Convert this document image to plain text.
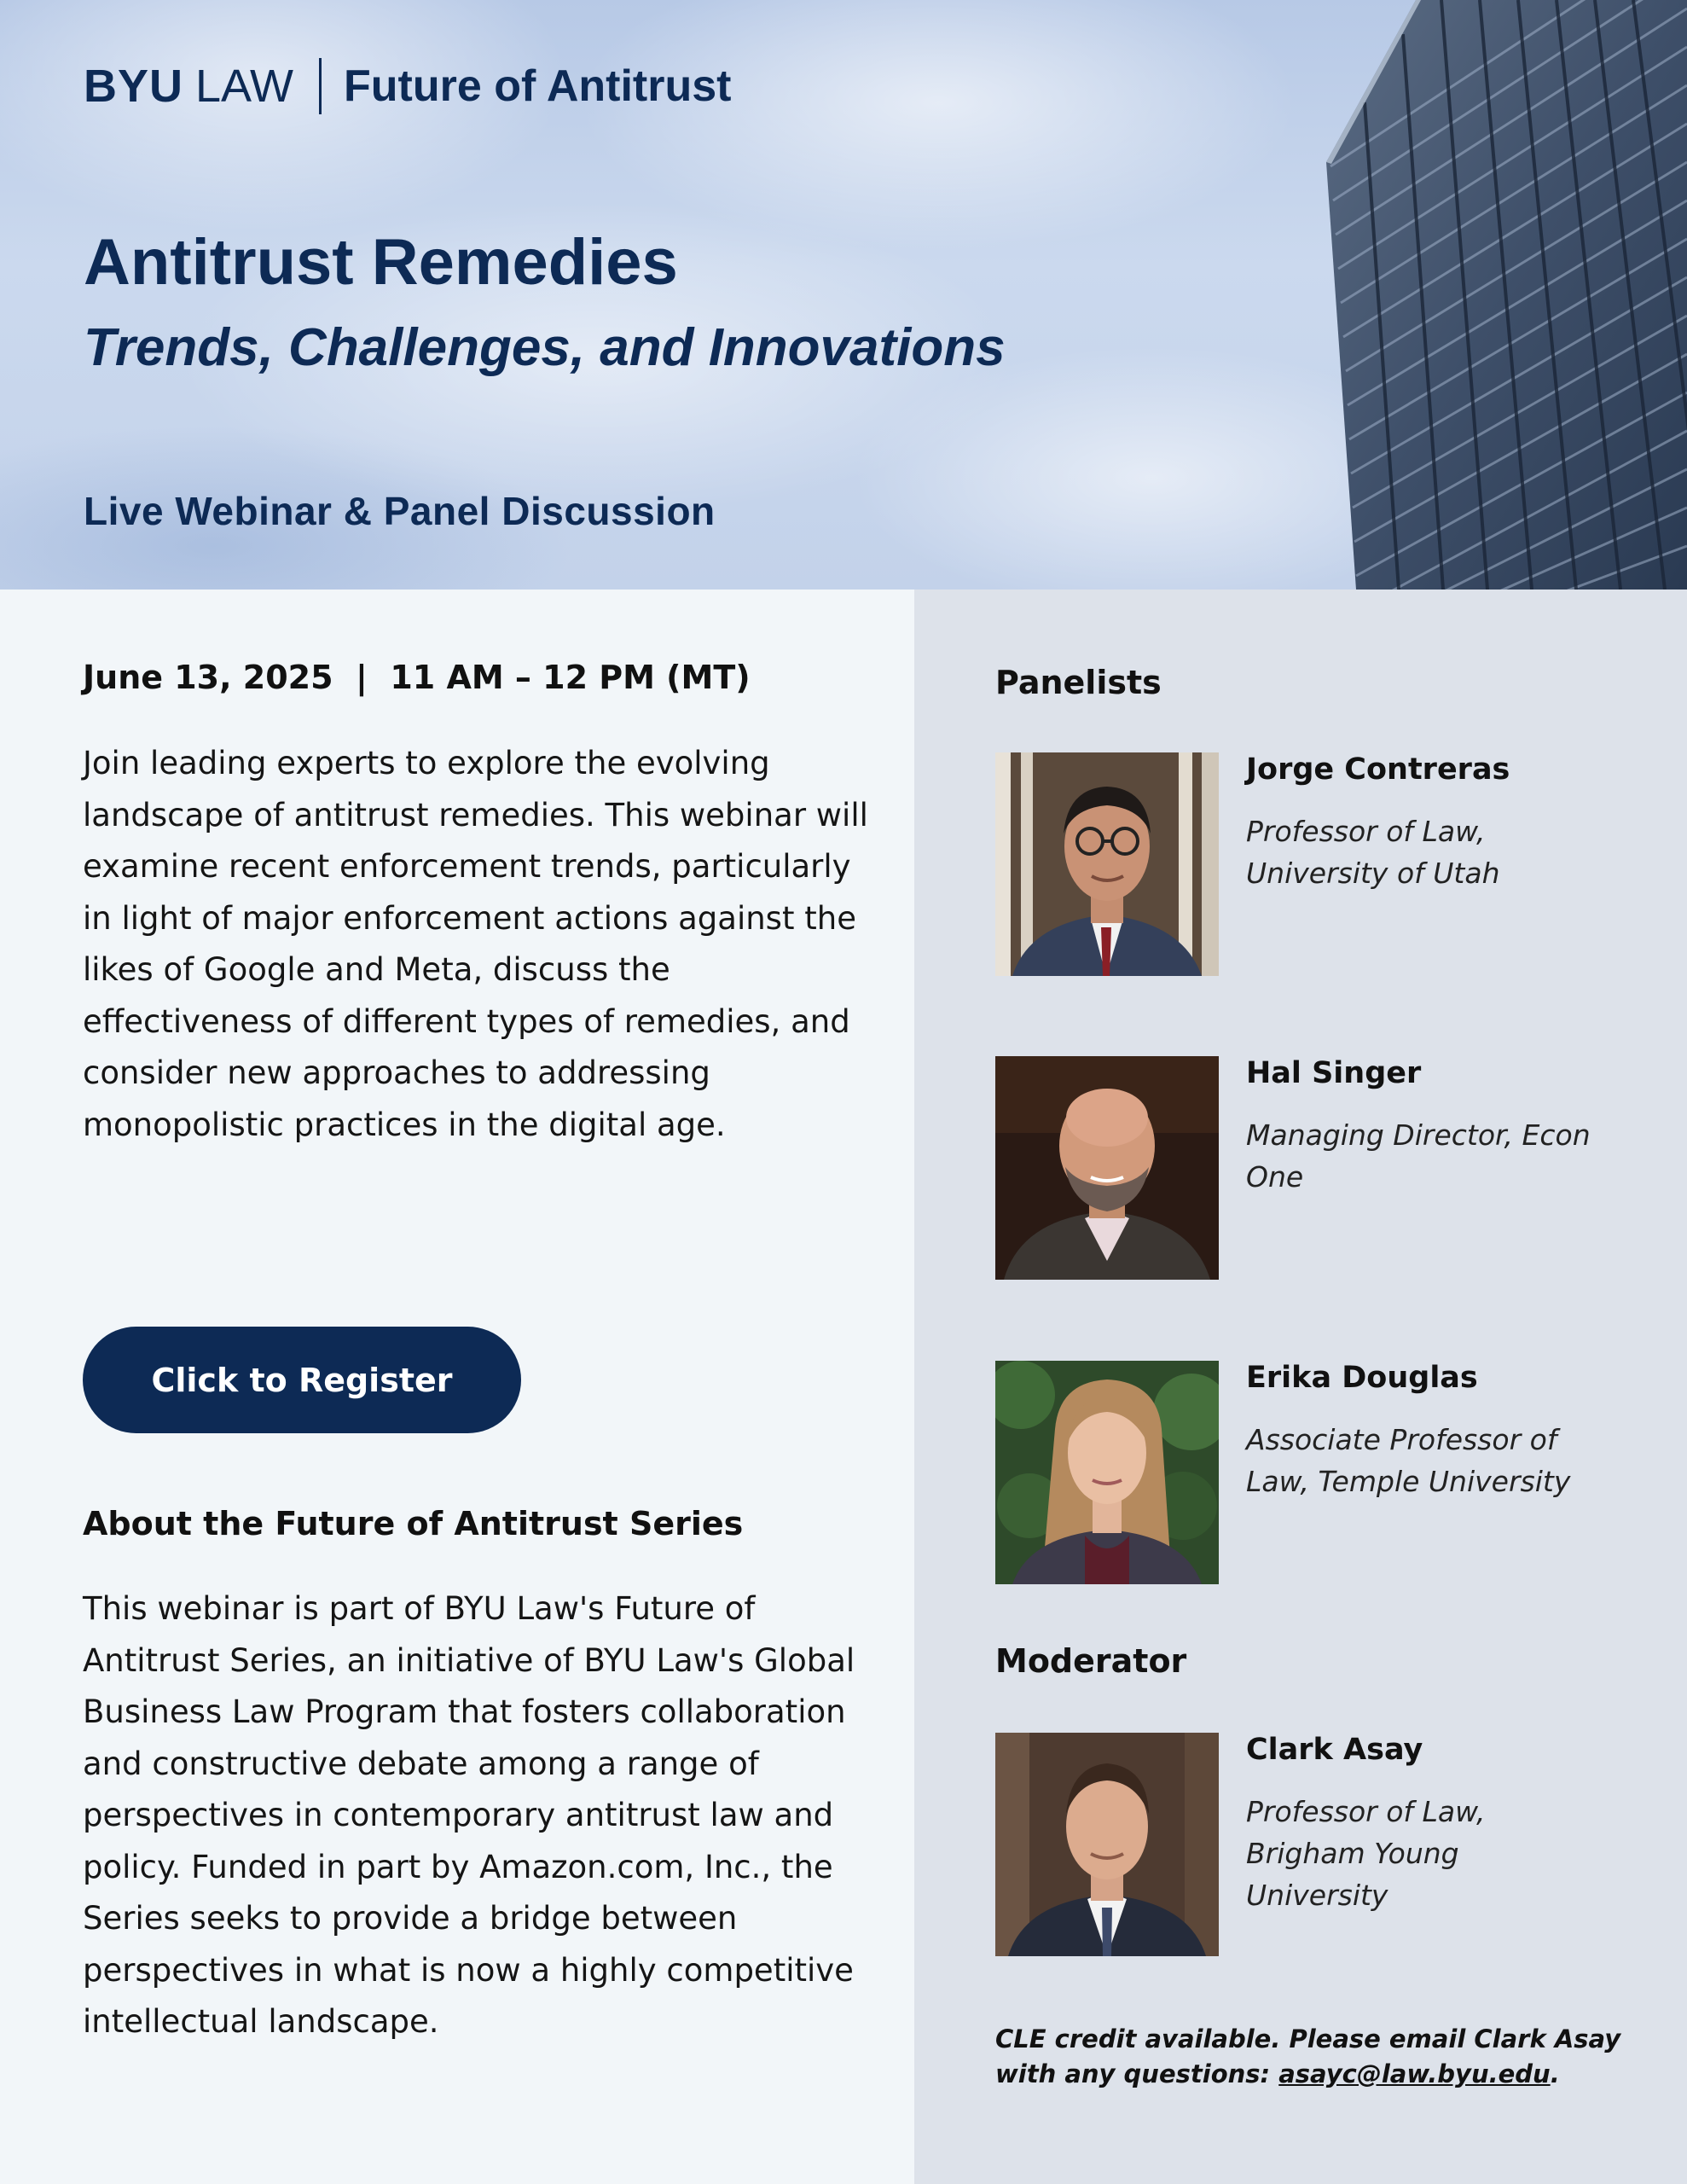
BYU LAW Future of Antitrust
Antitrust Remedies
Trends, Challenges, and Innovations

Live Webinar & Panel Discussion

June 13, 2025  |  11 AM – 12 PM (MT)

Join leading experts to explore the evolving landscape of antitrust remedies. This webinar will examine recent enforcement trends, particularly in light of major enforcement actions against the likes of Google and Meta, discuss the effectiveness of different types of remedies, and consider new approaches to addressing monopolistic practices in the digital age.

Click to Register
About the Future of Antitrust Series

This webinar is part of BYU Law's Future of Antitrust Series, an initiative of BYU Law's Global Business Law Program that fosters collaboration and constructive debate among a range of perspectives in contemporary antitrust law and policy. Funded in part by Amazon.com, Inc., the Series seeks to provide a bridge between perspectives in what is now a highly competitive intellectual landscape.

Panelists

Jorge Contreras

Professor of Law, University of Utah

Hal Singer

Managing Director, Econ One

Erika Douglas

Associate Professor of Law, Temple University

Moderator

Clark Asay

Professor of Law, Brigham Young University

CLE credit available. Please email Clark Asay with any questions: asayc@law.byu.edu.
